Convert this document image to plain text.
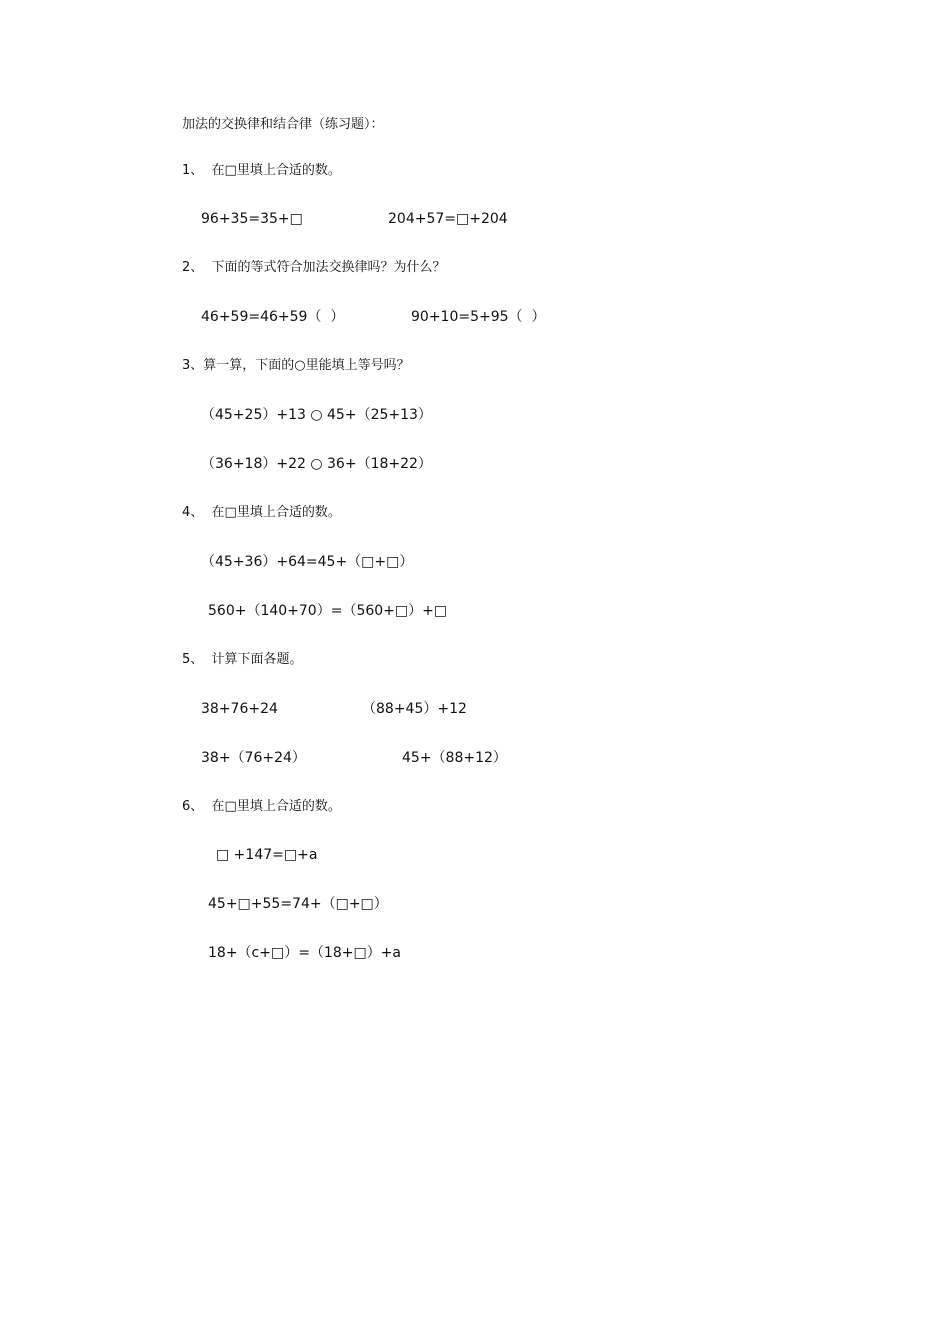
加法的交换律和结合律（练习题）：
1、  在□里填上合适的数。
96+35=35+□	204+57=□+204
2、  下面的等式符合加法交换律吗？为什么？
46+59=46+59（  ）	90+10=5+95（  ）
3、算一算，下面的○里能填上等号吗？
（45+25）+13 ○ 45+（25+13）
（36+18）+22 ○ 36+（18+22）
4、  在□里填上合适的数。
（45+36）+64=45+（□+□）
560+（140+70）=（560+□）+□
5、  计算下面各题。
38+76+24	（88+45）+12
38+（76+24）	45+（88+12）
6、  在□里填上合适的数。
□ +147=□+a
45+□+55=74+（□+□）
18+（c+□）=（18+□）+a
